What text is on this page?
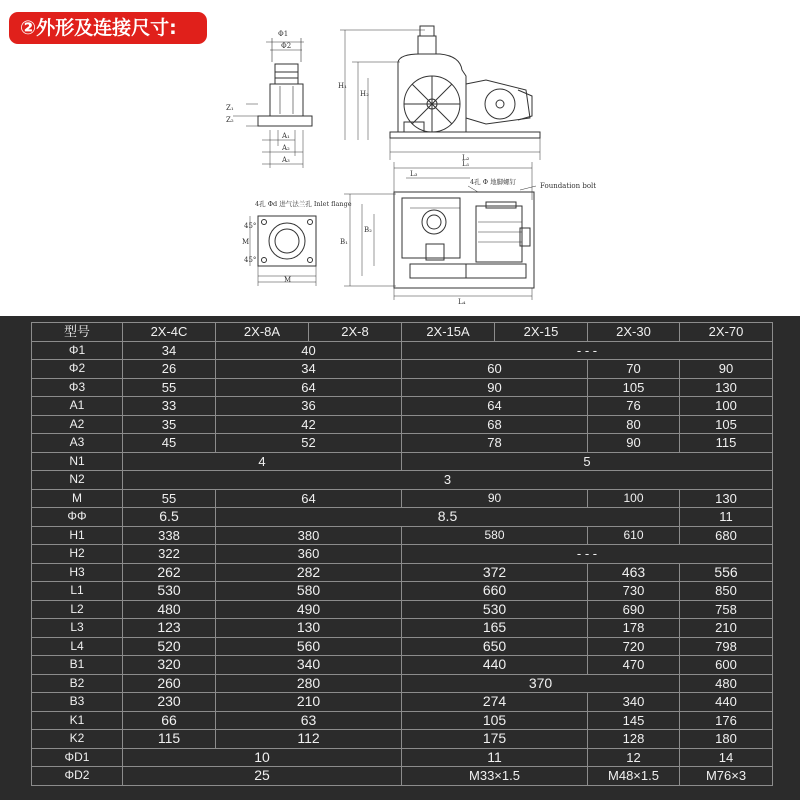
②外形及连接尺寸:	Φ1
Φ2
Z₁
Z₂
A₁
A₂
A₃
H₁
H₂
L₂
L₁
L₃
L₄
B₁
B₂
M
M
45°
45°
4孔 Φd 进气法兰孔 Inlet flange
4孔 Φ 地脚螺钉	Foundation bolt
型号	2X-4C	2X-8A	2X-8	2X-15A	2X-15	2X-30	2X-70
Φ1	34	40		- - -			
Φ2	26	34		60		70	90
Φ3	55	64		90		105	130
A1	33	36		64		76	100
A2	35	42		68		80	105
A3	45	52		78		90	115
N1	4			5			
N2	3						
M	55	64		90		100	130
ΦΦ	6.5	8.5					11
H1	338	380		580		610	680
H2	322	360		- - -			
H3	262	282		372		463	556
L1	530	580		660		730	850
L2	480	490		530		690	758
L3	123	130		165		178	210
L4	520	560		650		720	798
B1	320	340		440		470	600
B2	260	280		370			480
B3	230	210		274		340	440
K1	66	63		105		145	176
K2	115	112		175		128	180
ΦD1	10			11		12	14
ΦD2	25			M33×1.5		M48×1.5	M76×3
